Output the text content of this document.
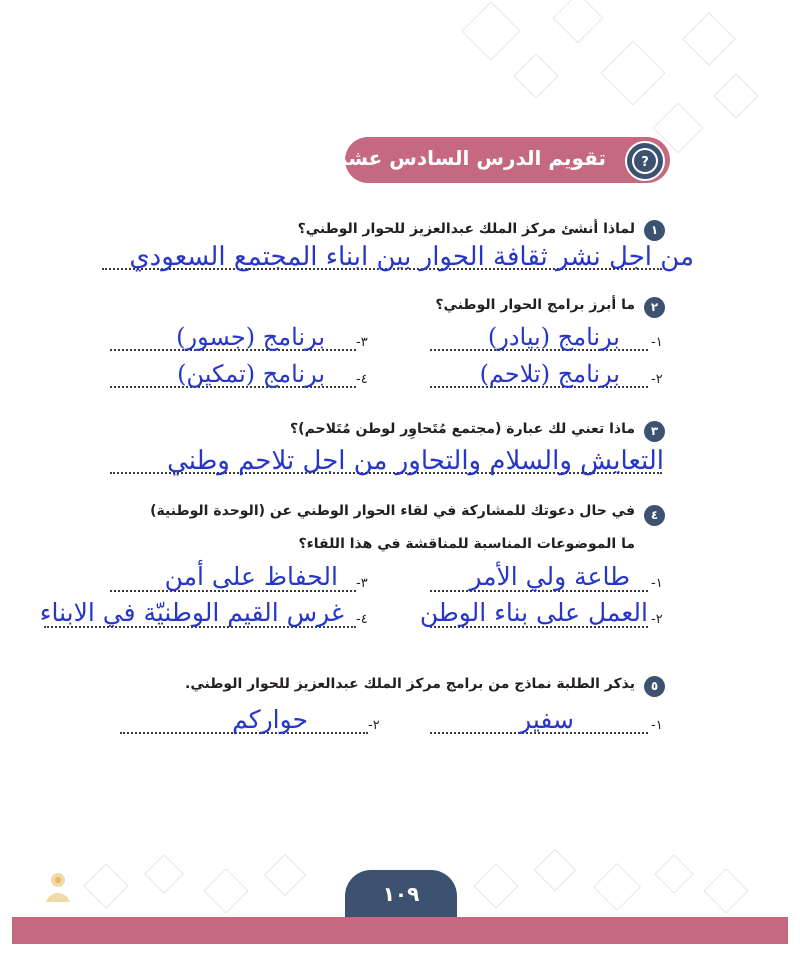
تقويم الدرس السادس عشر	?
١
لماذا أنشئ مركز الملك عبدالعزيز للحوار الوطني؟
من اجل نشر ثقافة الحوار بين ابناء المجتمع السعودي
٢
ما أبرز برامج الحوار الوطني؟
١-
برنامج (بيادر)
٣-
برنامج (جسور)
٢-
برنامج (تلاحم)
٤-
برنامج (تمكين)
٣
ماذا تعني لك عبارة (مجتمع مُتَحاوِر لوطن مُتَلاحم)؟
التعايش والسلام والتحاور من اجل تلاحم وطني
٤
في حال دعوتك للمشاركة في لقاء الحوار الوطني عن (الوحدة الوطنية)
ما الموضوعات المناسبة للمناقشة في هذا اللقاء؟
١-
طاعة ولي الأمر
٣-
الحفاظ على أمن
٢-
العمل على بناء الوطن
٤-
غرس القيم الوطنيّة في الابناء
٥
يذكر الطلبة نماذج من برامج مركز الملك عبدالعزيز للحوار الوطني.
١-
سفير
٢-
حواركم
١٠٩
